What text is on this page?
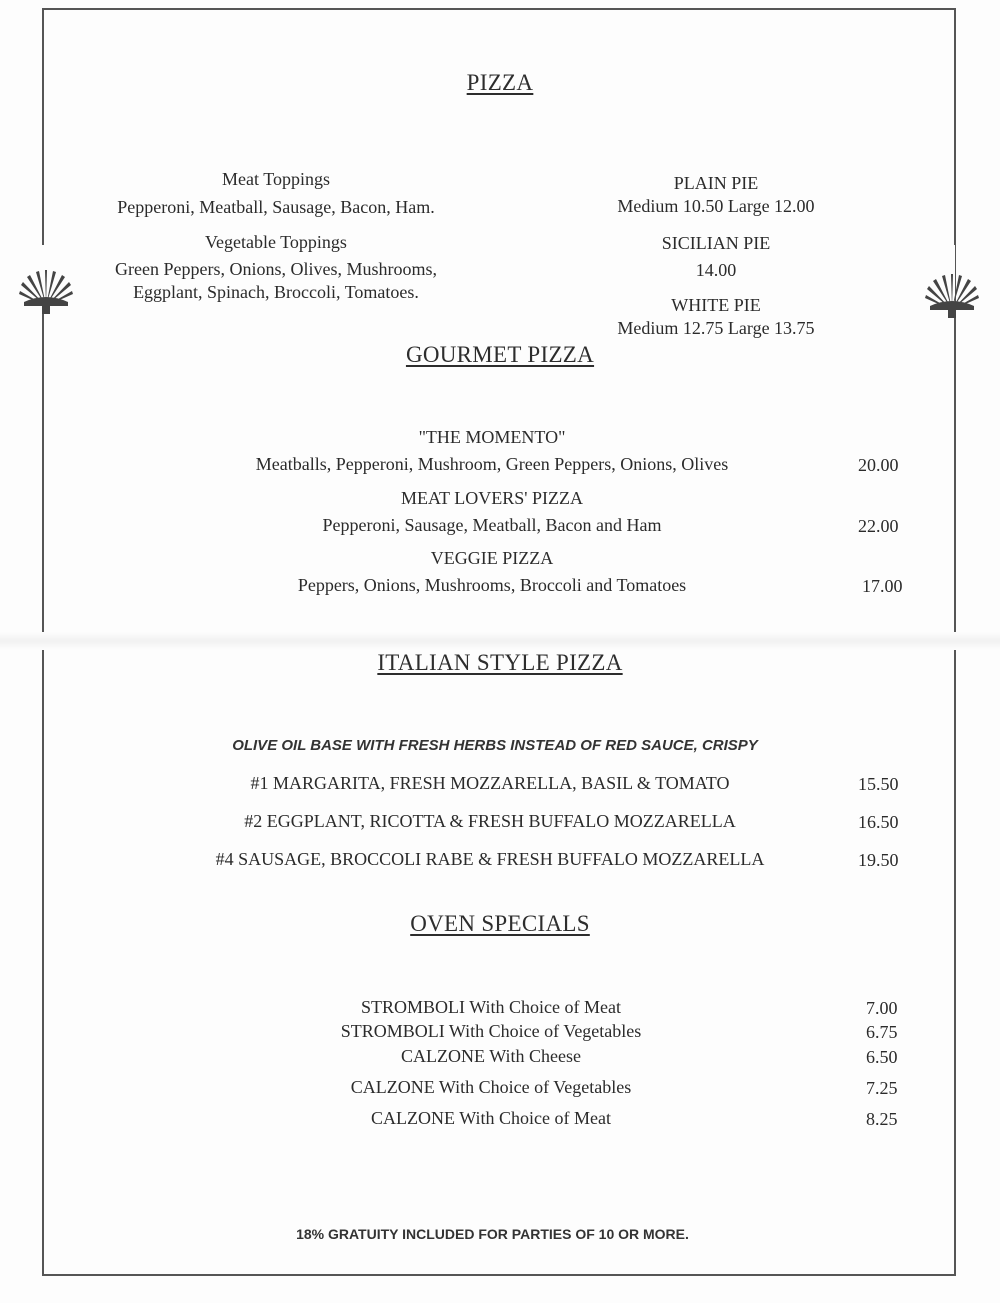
PIZZA
Meat Toppings
Pepperoni, Meatball, Sausage, Bacon, Ham.
Vegetable Toppings
Green Peppers, Onions, Olives, Mushrooms,
Eggplant, Spinach, Broccoli, Tomatoes.
PLAIN PIE
Medium 10.50 Large 12.00
SICILIAN PIE
14.00
WHITE PIE
Medium 12.75 Large 13.75
GOURMET PIZZA
"THE MOMENTO"
Meatballs, Pepperoni, Mushroom, Green Peppers, Onions, Olives	20.00
MEAT LOVERS' PIZZA
Pepperoni, Sausage, Meatball, Bacon and Ham	22.00
VEGGIE PIZZA
Peppers, Onions, Mushrooms, Broccoli and Tomatoes	17.00
ITALIAN STYLE PIZZA
OLIVE OIL BASE WITH FRESH HERBS INSTEAD OF RED SAUCE, CRISPY
#1 MARGARITA, FRESH MOZZARELLA, BASIL & TOMATO	15.50
#2 EGGPLANT, RICOTTA & FRESH BUFFALO MOZZARELLA	16.50
#4 SAUSAGE, BROCCOLI RABE & FRESH BUFFALO MOZZARELLA	19.50
OVEN SPECIALS
STROMBOLI With Choice of Meat	7.00
STROMBOLI With Choice of Vegetables	6.75
CALZONE With Cheese	6.50
CALZONE With Choice of Vegetables	7.25
CALZONE With Choice of Meat	8.25
18% GRATUITY INCLUDED FOR PARTIES OF 10 OR MORE.
